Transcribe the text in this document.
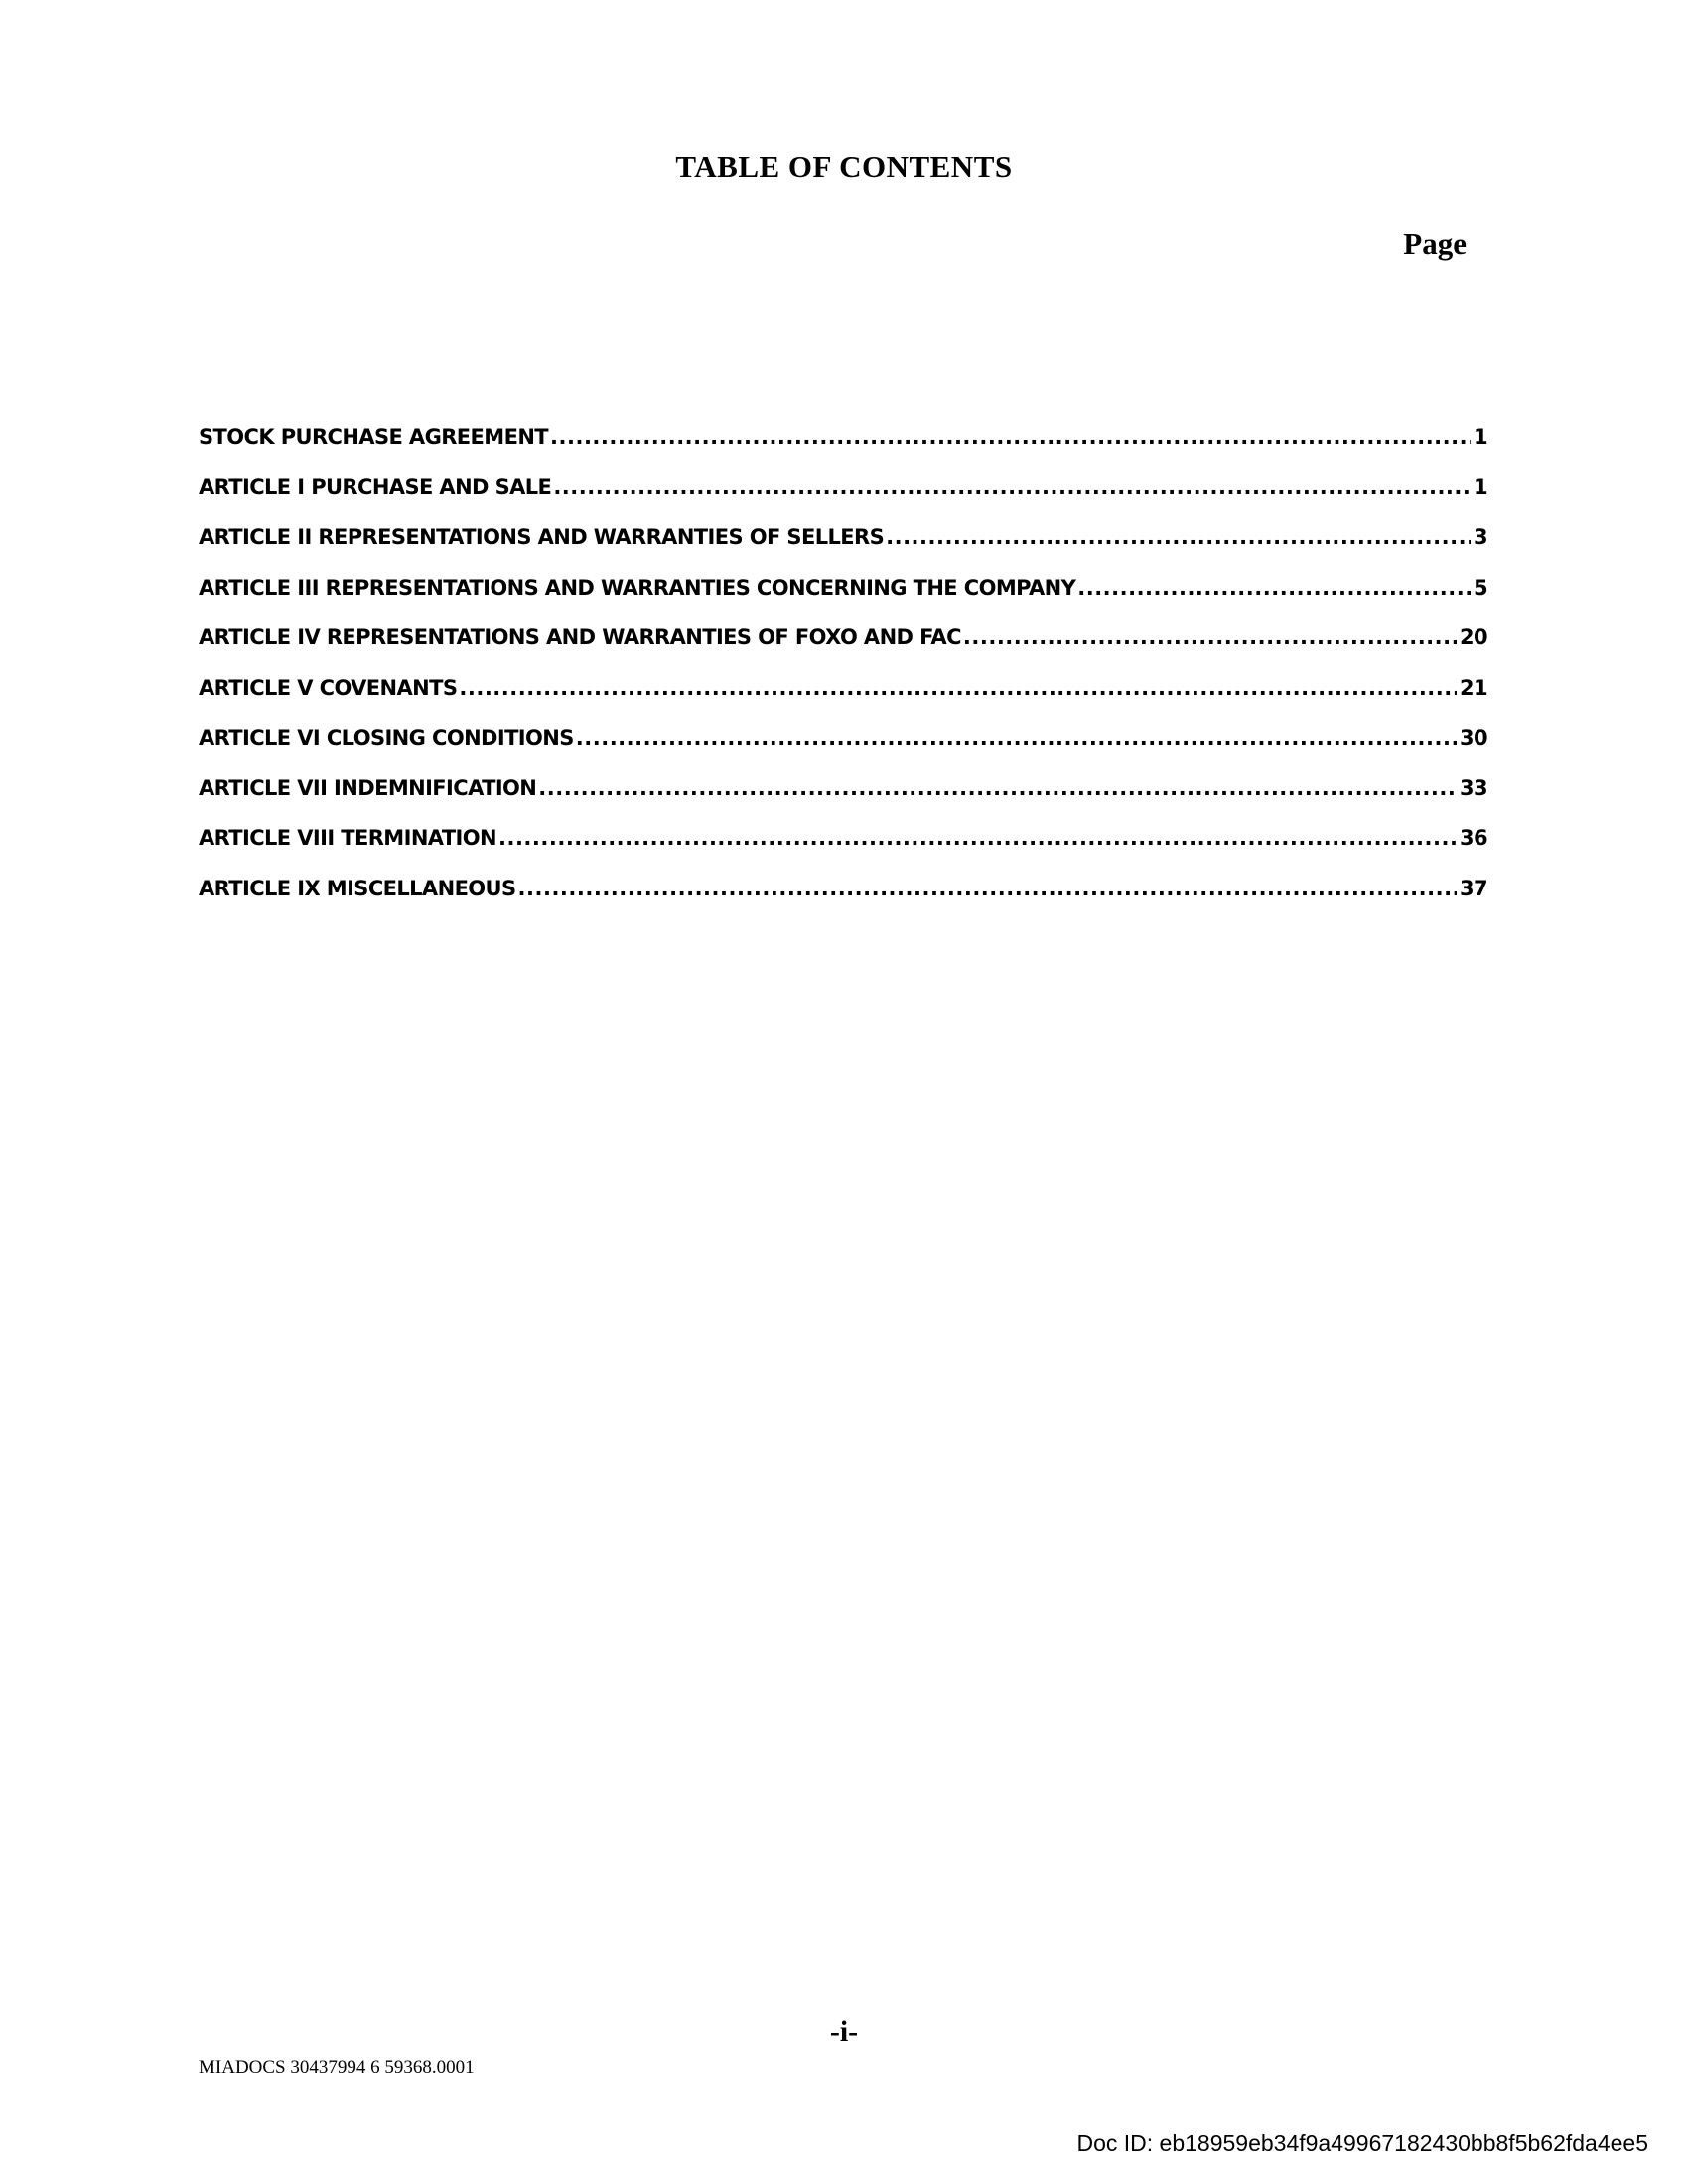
TABLE OF CONTENTS
Page
STOCK PURCHASE AGREEMENT .....	1
ARTICLE I PURCHASE AND SALE .....	1
ARTICLE II REPRESENTATIONS AND WARRANTIES OF SELLERS .....	3
ARTICLE III REPRESENTATIONS AND WARRANTIES CONCERNING THE COMPANY .....	5
ARTICLE IV REPRESENTATIONS AND WARRANTIES OF FOXO AND FAC .....	20
ARTICLE V COVENANTS .....	21
ARTICLE VI CLOSING CONDITIONS .....	30
ARTICLE VII INDEMNIFICATION .....	33
ARTICLE VIII TERMINATION .....	36
ARTICLE IX MISCELLANEOUS .....	37
-i-
MIADOCS 30437994 6 59368.0001
Doc ID: eb18959eb34f9a49967182430bb8f5b62fda4ee5
